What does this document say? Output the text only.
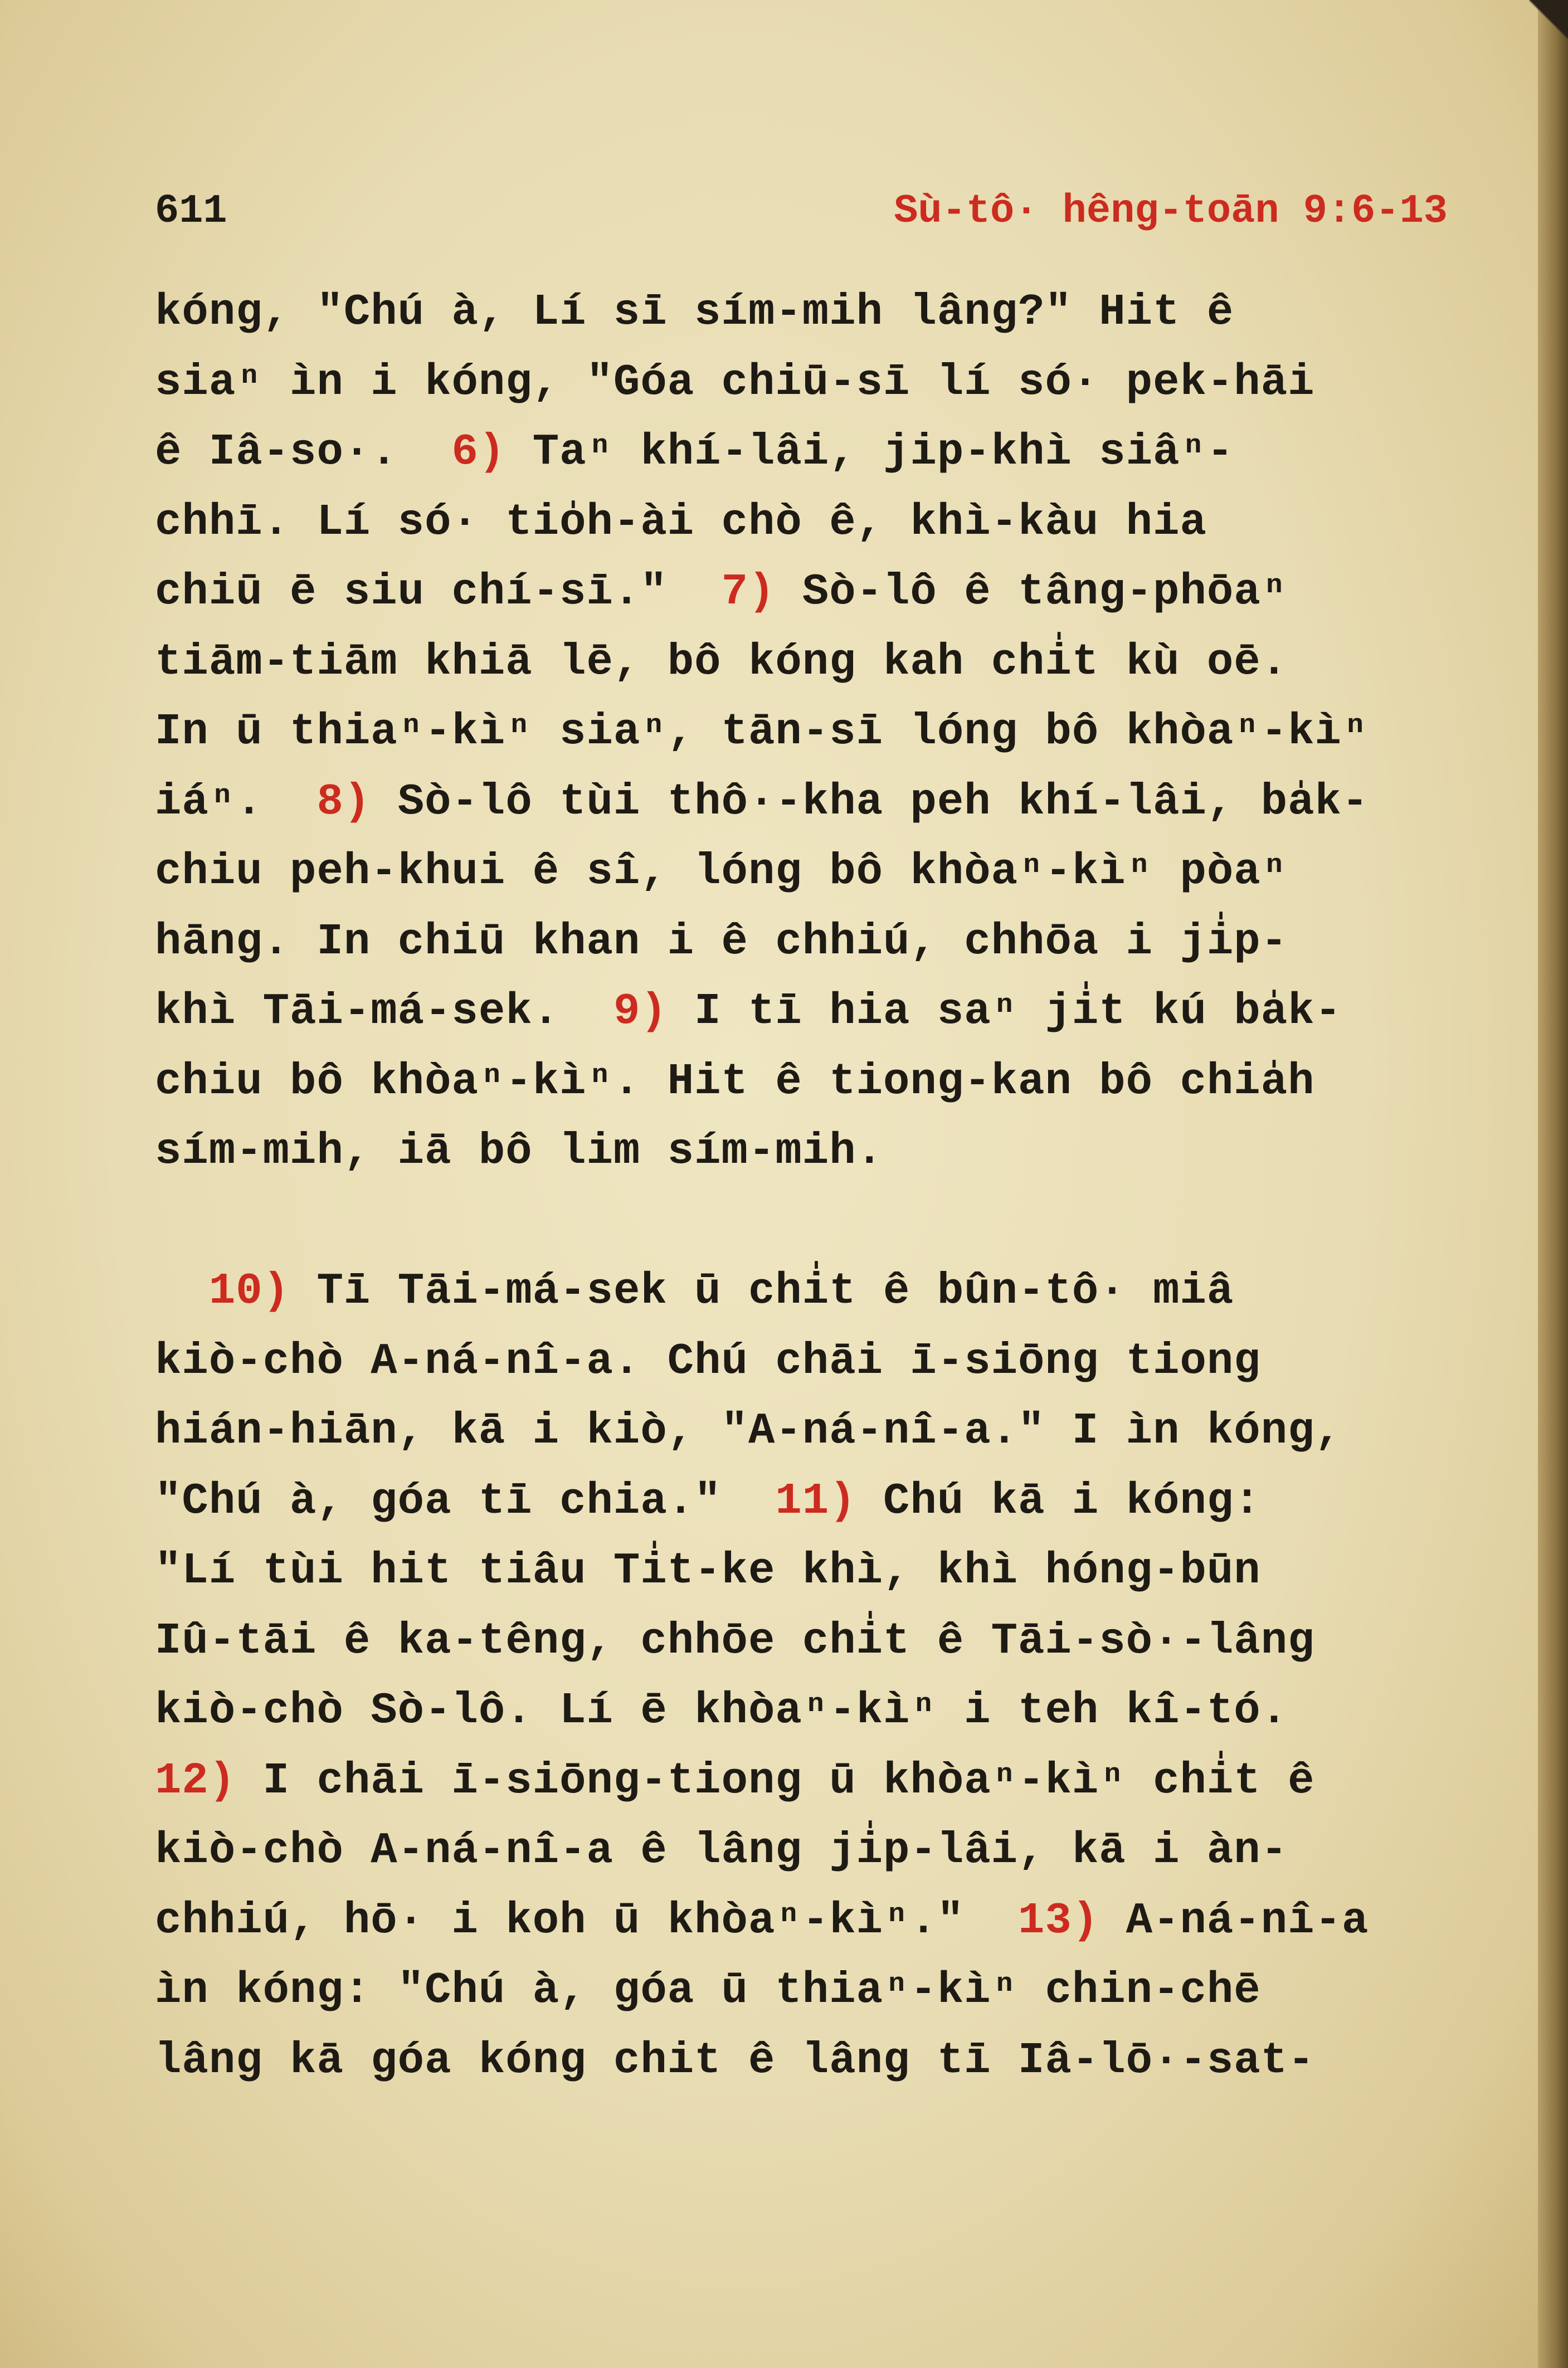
611	Sù-tô· hêng-toān 9:6-13
kóng, "Chú à, Lí sī sím-mih lâng?" Hit ê
siaⁿ ìn i kóng, "Góa chiū-sī lí só· pek-hāi
ê Iâ-so·.  6) Taⁿ khí-lâi, jip-khì siâⁿ-
chhī. Lí só· tio̍h-ài chò ê, khì-kàu hia
chiū ē siu chí-sī."  7) Sò-lô ê tâng-phōaⁿ
tiām-tiām khiā lē, bô kóng kah chi̍t kù oē.
In ū thiaⁿ-kìⁿ siaⁿ, tān-sī lóng bô khòaⁿ-kìⁿ
iáⁿ.  8) Sò-lô tùi thô·-kha peh khí-lâi, ba̍k-
chiu peh-khui ê sî, lóng bô khòaⁿ-kìⁿ pòaⁿ
hāng. In chiū khan i ê chhiú, chhōa i ji̍p-
khì Tāi-má-sek.  9) I tī hia saⁿ ji̍t kú ba̍k-
chiu bô khòaⁿ-kìⁿ. Hit ê tiong-kan bô chia̍h
sím-mih, iā bô lim sím-mih.
10) Tī Tāi-má-sek ū chi̍t ê bûn-tô· miâ
kiò-chò A-ná-nî-a. Chú chāi ī-siōng tiong
hián-hiān, kā i kiò, "A-ná-nî-a." I ìn kóng,
"Chú à, góa tī chia."  11) Chú kā i kóng:
"Lí tùi hit tiâu Ti̍t-ke khì, khì hóng-būn
Iû-tāi ê ka-têng, chhōe chi̍t ê Tāi-sò·-lâng
kiò-chò Sò-lô. Lí ē khòaⁿ-kìⁿ i teh kî-tó.
12) I chāi ī-siōng-tiong ū khòaⁿ-kìⁿ chi̍t ê
kiò-chò A-ná-nî-a ê lâng ji̍p-lâi, kā i àn-
chhiú, hō· i koh ū khòaⁿ-kìⁿ."  13) A-ná-nî-a
ìn kóng: "Chú à, góa ū thiaⁿ-kìⁿ chin-chē
lâng kā góa kóng chit ê lâng tī Iâ-lō·-sat-
